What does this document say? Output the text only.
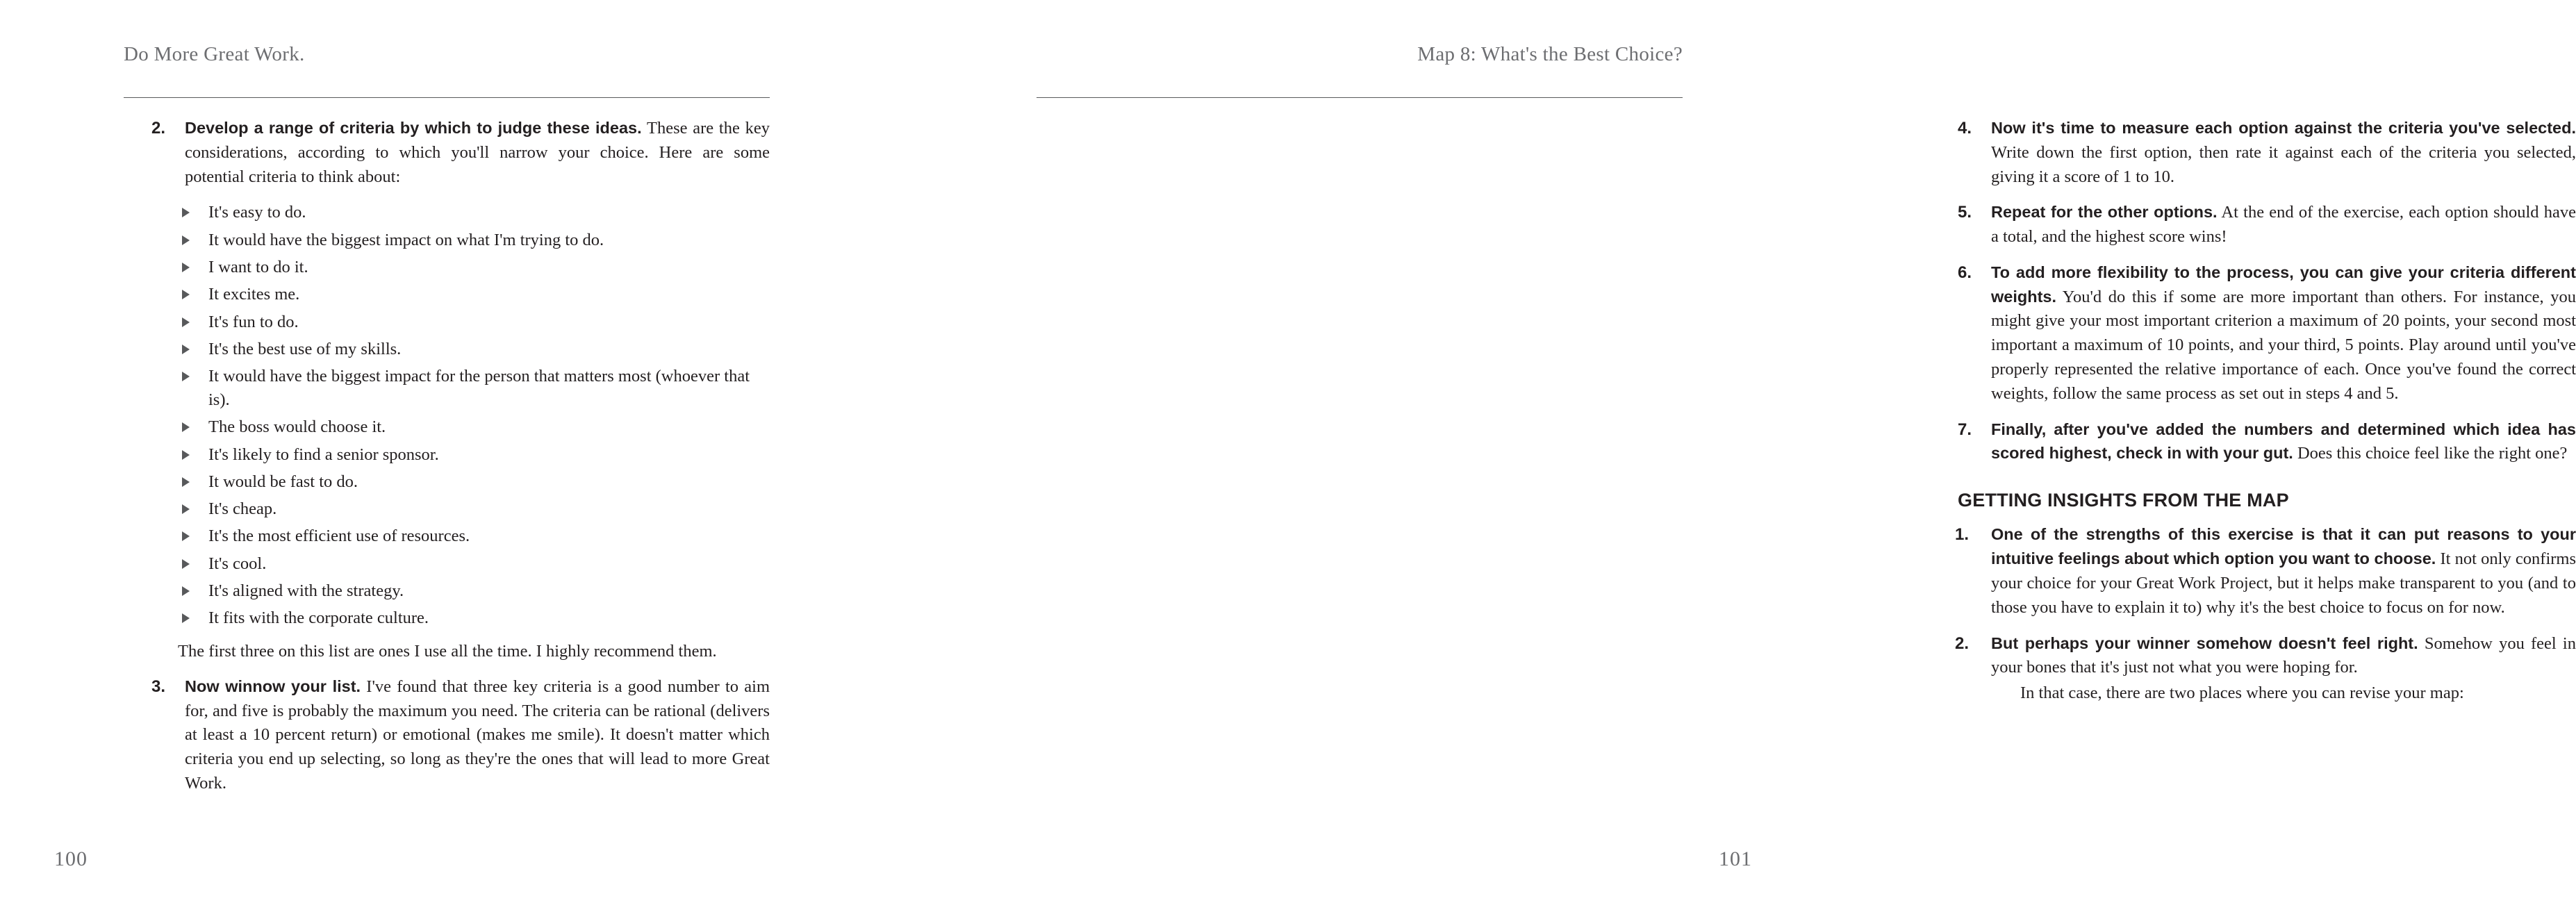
Do More Great Work.
2. Develop a range of criteria by which to judge these ideas. These are the key considerations, according to which you'll narrow your choice. Here are some potential criteria to think about:
It's easy to do.
It would have the biggest impact on what I'm trying to do.
I want to do it.
It excites me.
It's fun to do.
It's the best use of my skills.
It would have the biggest impact for the person that matters most (whoever that is).
The boss would choose it.
It's likely to find a senior sponsor.
It would be fast to do.
It's cheap.
It's the most efficient use of resources.
It's cool.
It's aligned with the strategy.
It fits with the corporate culture.
The first three on this list are ones I use all the time. I highly recommend them.
3. Now winnow your list. I've found that three key criteria is a good number to aim for, and five is probably the maximum you need. The criteria can be rational (delivers at least a 10 percent return) or emotional (makes me smile). It doesn't matter which criteria you end up selecting, so long as they're the ones that will lead to more Great Work.
100
Map 8: What's the Best Choice?
4. Now it's time to measure each option against the criteria you've selected. Write down the first option, then rate it against each of the criteria you selected, giving it a score of 1 to 10.
5. Repeat for the other options. At the end of the exercise, each option should have a total, and the highest score wins!
6. To add more flexibility to the process, you can give your criteria different weights. You'd do this if some are more important than others. For instance, you might give your most important criterion a maximum of 20 points, your second most important a maximum of 10 points, and your third, 5 points. Play around until you've properly represented the relative importance of each. Once you've found the correct weights, follow the same process as set out in steps 4 and 5.
7. Finally, after you've added the numbers and determined which idea has scored highest, check in with your gut. Does this choice feel like the right one?
GETTING INSIGHTS FROM THE MAP
1. One of the strengths of this exercise is that it can put reasons to your intuitive feelings about which option you want to choose. It not only confirms your choice for your Great Work Project, but it helps make transparent to you (and to those you have to explain it to) why it's the best choice to focus on for now.
2. But perhaps your winner somehow doesn't feel right. Somehow you feel in your bones that it's just not what you were hoping for.
In that case, there are two places where you can revise your map:
101
